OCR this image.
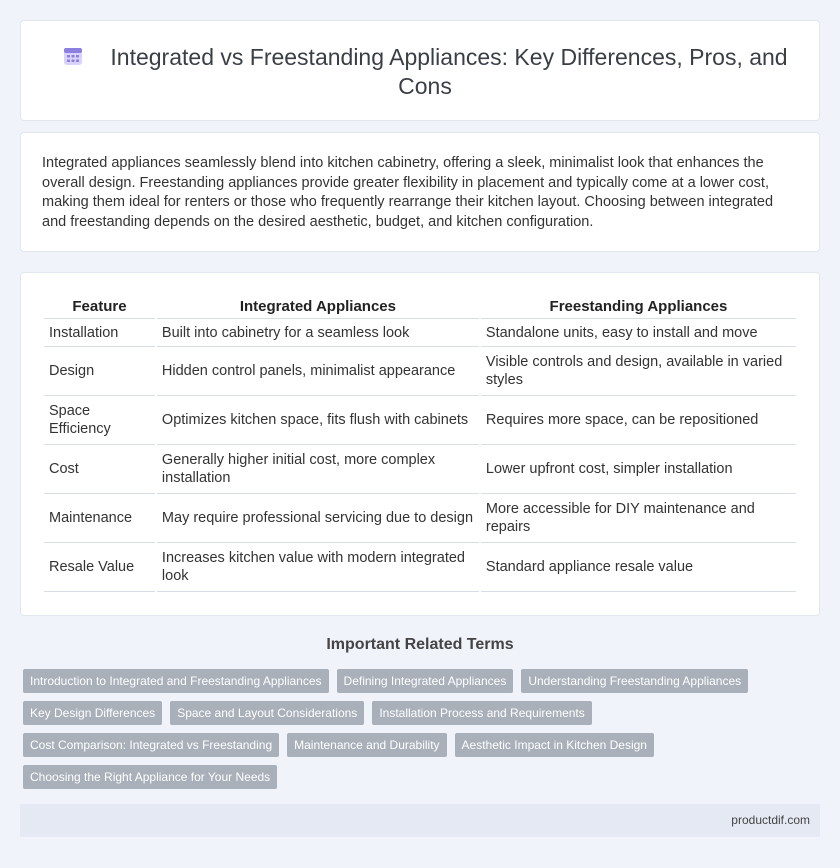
Integrated vs Freestanding Appliances: Key Differences, Pros, and Cons

Integrated appliances seamlessly blend into kitchen cabinetry, offering a sleek, minimalist look that enhances the overall design. Freestanding appliances provide greater flexibility in placement and typically come at a lower cost, making them ideal for renters or those who frequently rearrange their kitchen layout. Choosing between integrated and freestanding depends on the desired aesthetic, budget, and kitchen configuration.

Feature	Integrated Appliances	Freestanding Appliances
Installation	Built into cabinetry for a seamless look	Standalone units, easy to install and move
Design	Hidden control panels, minimalist appearance	Visible controls and design, available in varied styles
Space Efficiency	Optimizes kitchen space, fits flush with cabinets	Requires more space, can be repositioned
Cost	Generally higher initial cost, more complex installation	Lower upfront cost, simpler installation
Maintenance	May require professional servicing due to design	More accessible for DIY maintenance and repairs
Resale Value	Increases kitchen value with modern integrated look	Standard appliance resale value
Important Related Terms
Introduction to Integrated and Freestanding Appliances	Defining Integrated Appliances	Understanding Freestanding Appliances
Key Design Differences	Space and Layout Considerations	Installation Process and Requirements
Cost Comparison: Integrated vs Freestanding	Maintenance and Durability	Aesthetic Impact in Kitchen Design
Choosing the Right Appliance for Your Needs
productdif.com
